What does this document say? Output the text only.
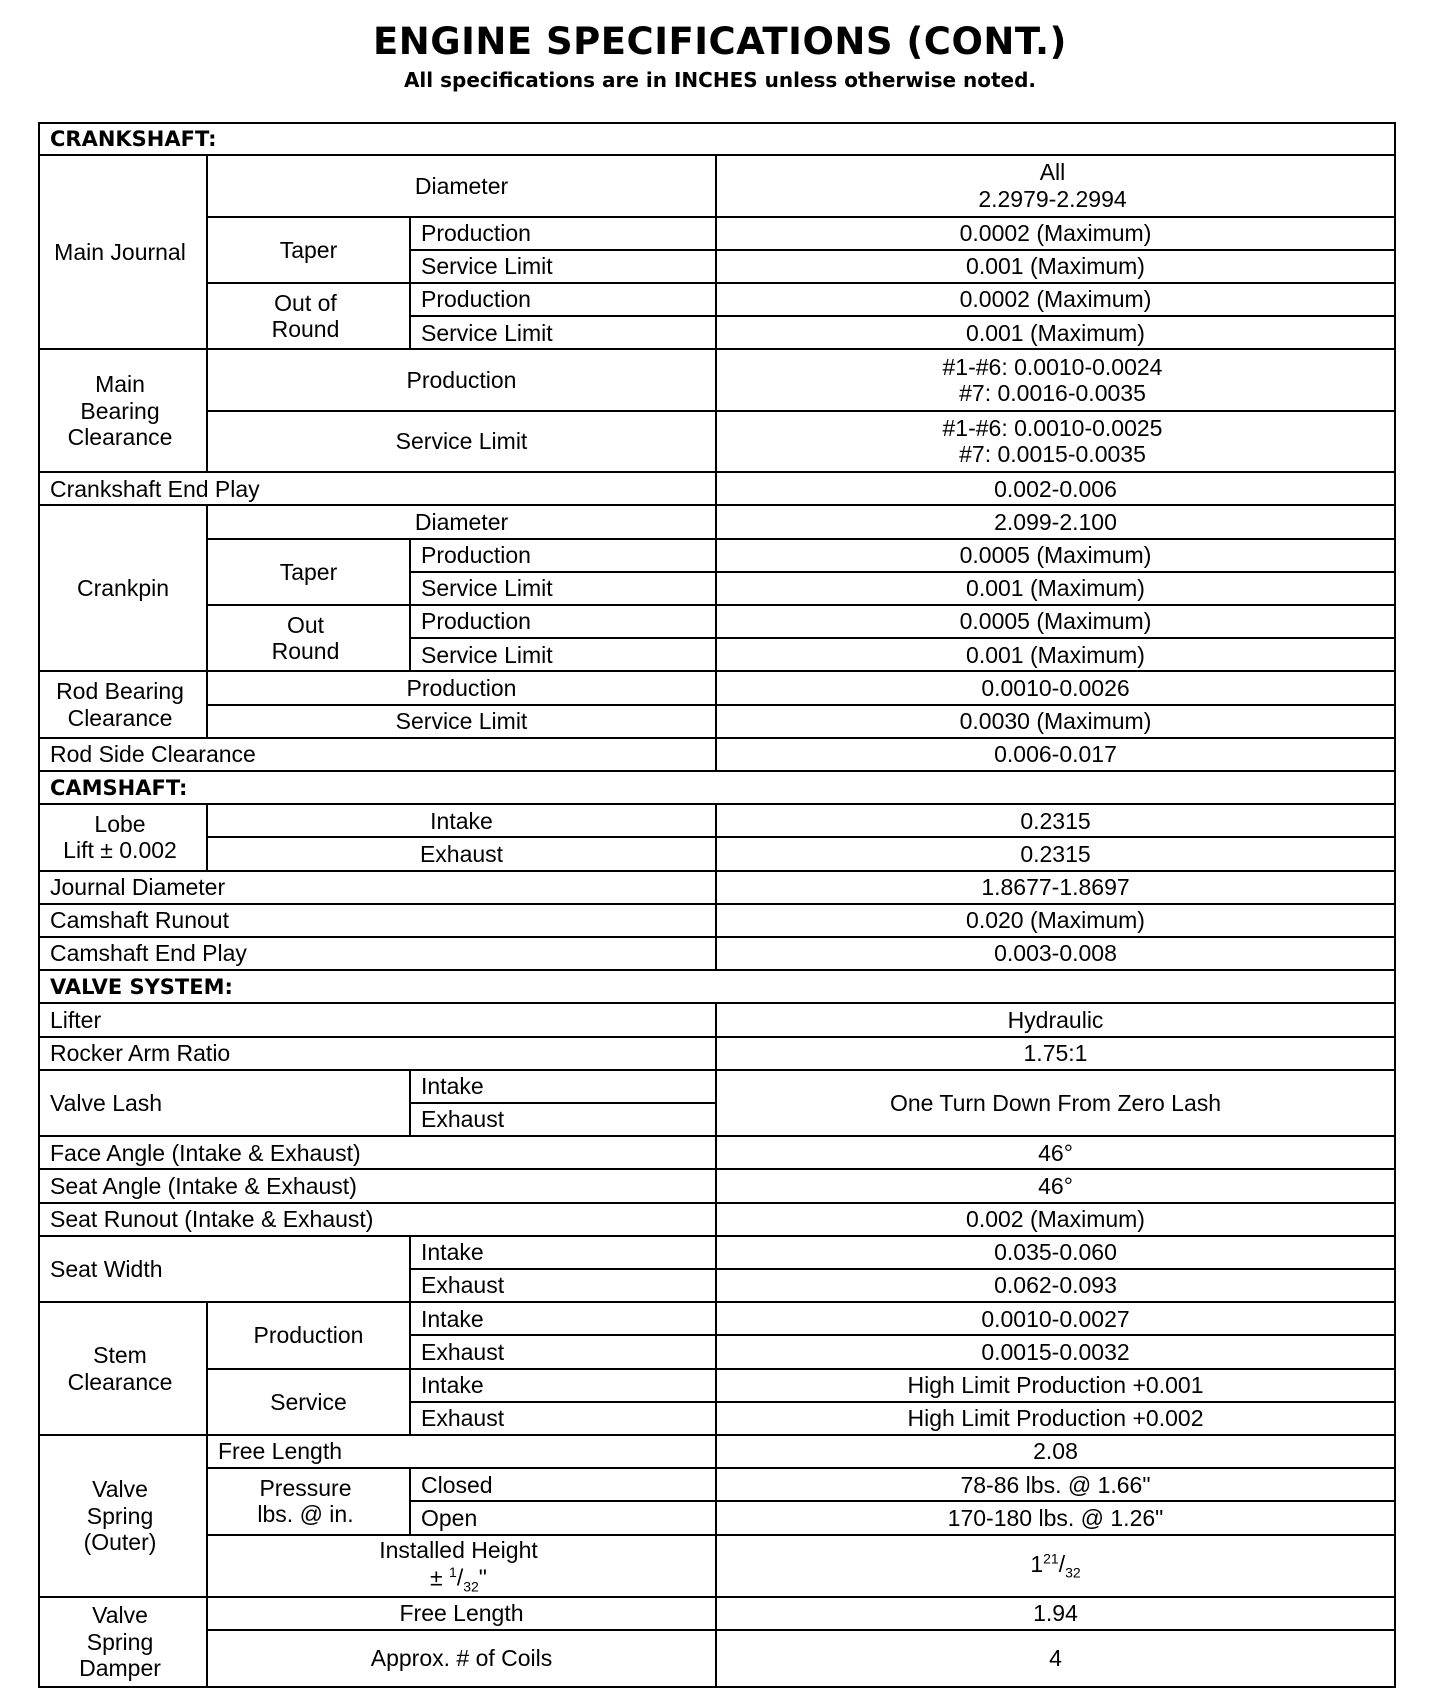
ENGINE SPECIFICATIONS (CONT.)
All specifications are in INCHES unless otherwise noted.
CRANKSHAFT:			

Main Journal	Diameter		All
2.2979-2.2994

	Taper	Production	0.0002 (Maximum)
		Service Limit	0.001 (Maximum)

	Out of
Round	Production	0.0002 (Maximum)
		Service Limit	0.001 (Maximum)

Main
Bearing
Clearance	Production		#1-#6: 0.0010-0.0024
#7: 0.0016-0.0035

	Service Limit		#1-#6: 0.0010-0.0025
#7: 0.0015-0.0035

Crankshaft End Play			0.002-0.006
Crankpin	Diameter		2.099-2.100
	Taper	Production	0.0005 (Maximum)
		Service Limit	0.001 (Maximum)

	Out
Round	Production	0.0005 (Maximum)
		Service Limit	0.001 (Maximum)

Rod Bearing
Clearance	Production		0.0010-0.0026
	Service Limit		0.0030 (Maximum)
Rod Side Clearance			0.006-0.017
CAMSHAFT:			

Lobe
Lift ± 0.002	Intake		0.2315
	Exhaust		0.2315
Journal Diameter			1.8677-1.8697
Camshaft Runout			0.020 (Maximum)
Camshaft End Play			0.003-0.008
VALVE SYSTEM:			
Lifter			Hydraulic
Rocker Arm Ratio			1.75:1
Valve Lash		Intake	One Turn Down From Zero Lash
		Exhaust	
Face Angle (Intake & Exhaust)			46°
Seat Angle (Intake & Exhaust)			46°
Seat Runout (Intake & Exhaust)			0.002 (Maximum)
Seat Width		Intake	0.035-0.060
		Exhaust	0.062-0.093

Stem
Clearance	Production	Intake	0.0010-0.0027
		Exhaust	0.0015-0.0032
	Service	Intake	High Limit Production +0.001
		Exhaust	High Limit Production +0.002

Valve
Spring
(Outer)	Free Length		2.08

	Pressure
lbs. @ in.	Closed	78-86 lbs. @ 1.66"
		Open	170-180 lbs. @ 1.26"

	Installed Height
± $^1/_{32}$"		$1^{21}/_{32}$

Valve
Spring
Damper	Free Length		1.94
	Approx. # of Coils		4
